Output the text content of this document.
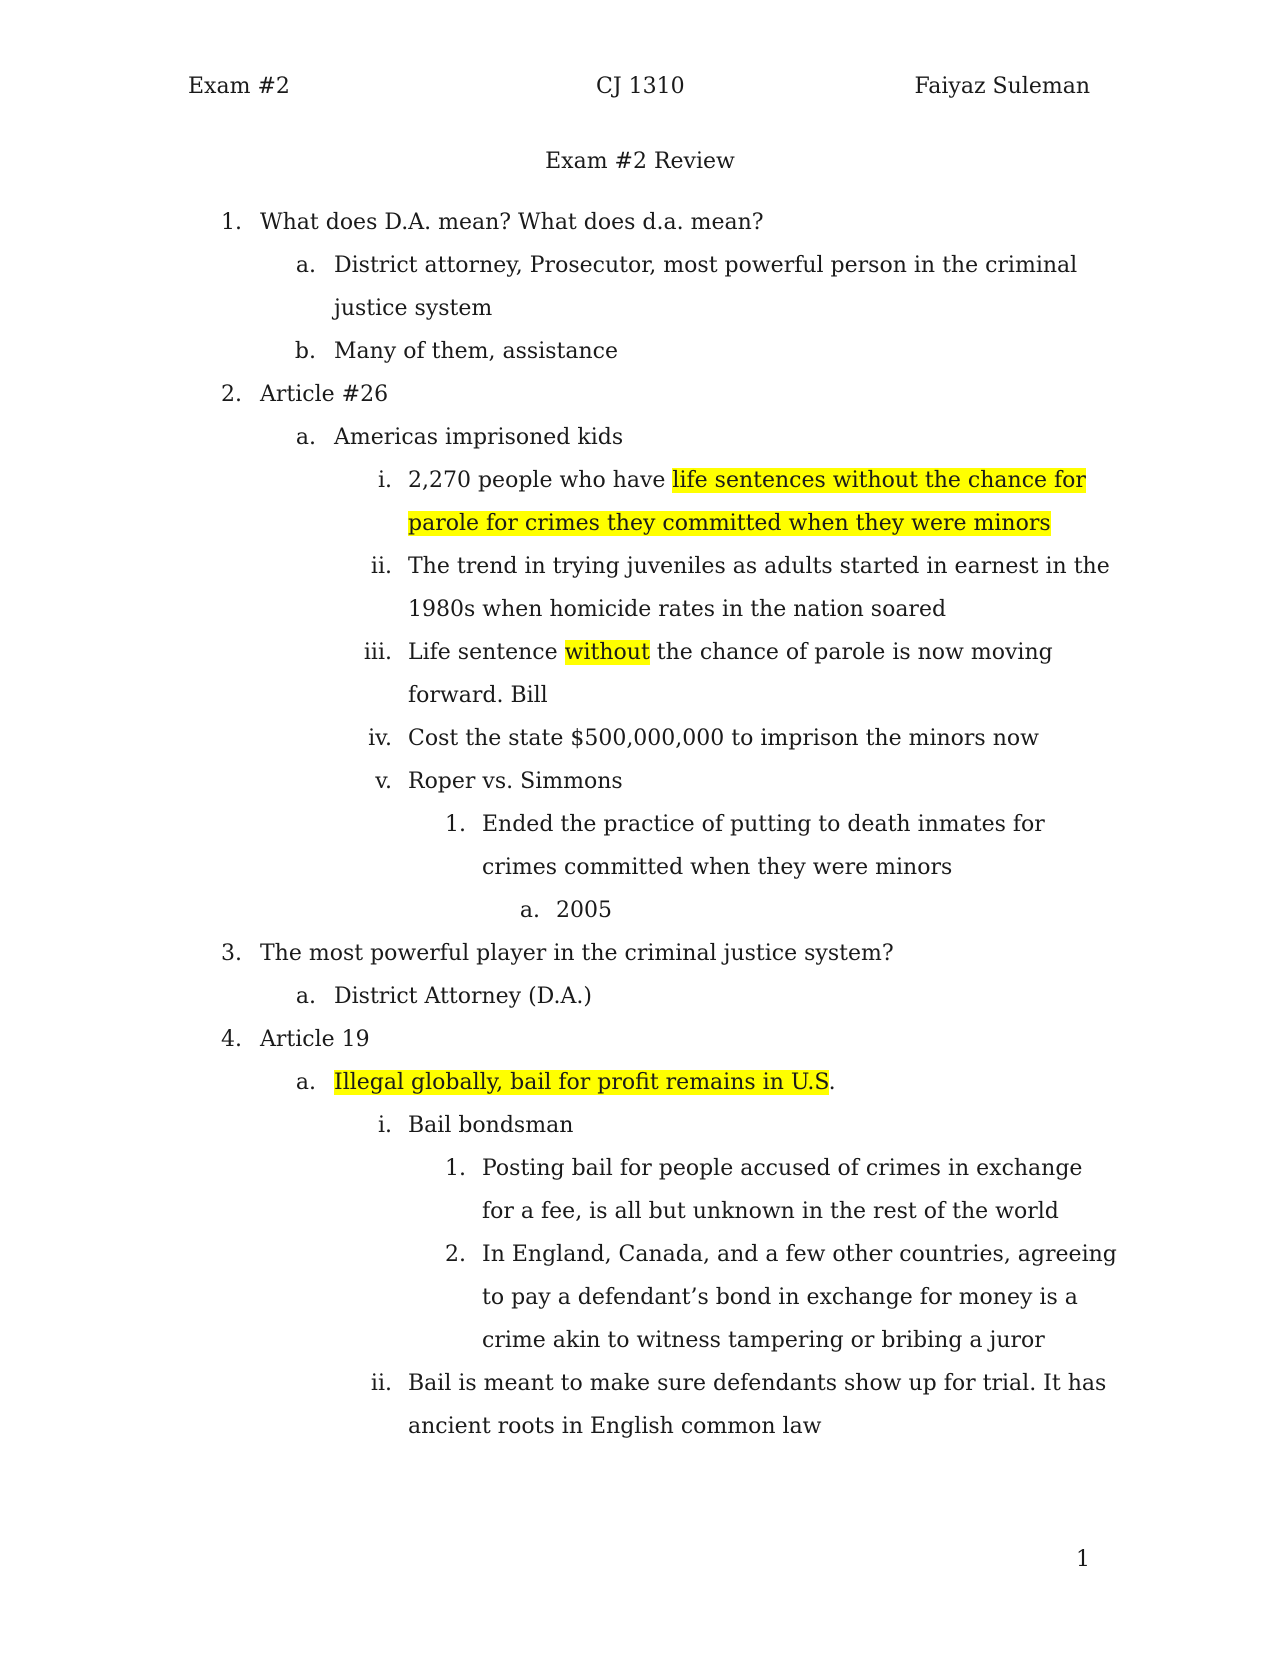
Exam #2	CJ 1310	Faiyaz Suleman
Exam #2 Review
1. What does D.A. mean? What does d.a. mean?
a. District attorney, Prosecutor, most powerful person in the criminal
justice system
b. Many of them, assistance
2. Article #26
a. Americas imprisoned kids
i. 2,270 people who have life sentences without the chance for
parole for crimes they committed when they were minors
ii. The trend in trying juveniles as adults started in earnest in the
1980s when homicide rates in the nation soared
iii. Life sentence without the chance of parole is now moving
forward. Bill
iv. Cost the state $500,000,000 to imprison the minors now
v. Roper vs. Simmons
1. Ended the practice of putting to death inmates for
crimes committed when they were minors
a. 2005
3. The most powerful player in the criminal justice system?
a. District Attorney (D.A.)
4. Article 19
a. Illegal globally, bail for profit remains in U.S.
i. Bail bondsman
1. Posting bail for people accused of crimes in exchange
for a fee, is all but unknown in the rest of the world
2. In England, Canada, and a few other countries, agreeing
to pay a defendant’s bond in exchange for money is a
crime akin to witness tampering or bribing a juror
ii. Bail is meant to make sure defendants show up for trial. It has
ancient roots in English common law
1
